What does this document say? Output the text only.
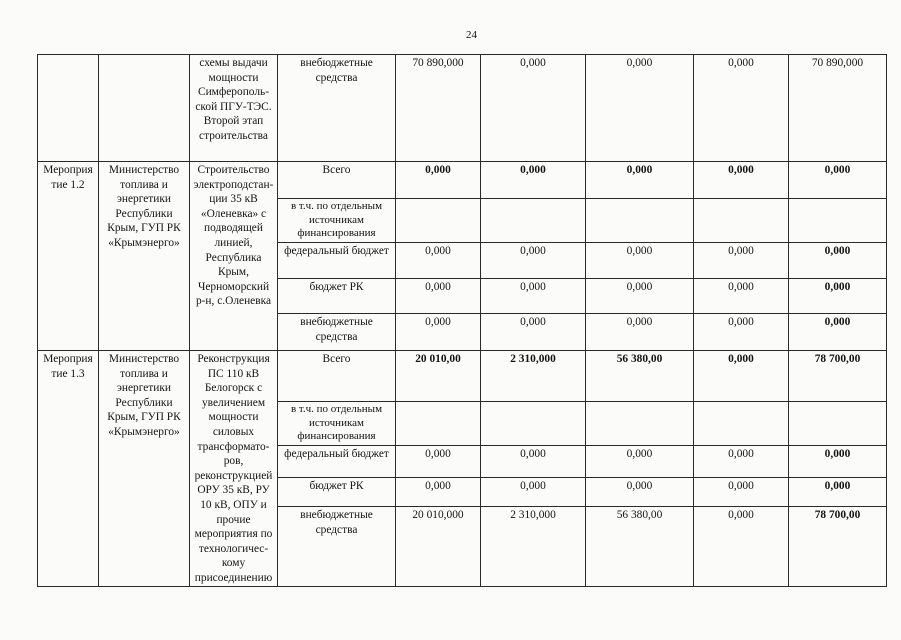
24
		схемы выдачи мощности Симферополь-ской ПГУ-ТЭС. Второй этап строительства	внебюджетные средства	70 890,000	0,000	0,000	0,000	70 890,000
Мероприя тие 1.2	Министерство топлива и энергетики Республики Крым, ГУП РК «Крымэнерго»	Строительство электроподстан-ции 35 кВ «Оленевка» с подводящей линией, Республика Крым, Черноморский р-н, с.Оленевка	Всего	0,000	0,000	0,000	0,000	0,000
			в т.ч. по отдельным источникам финансирования					
			федеральный бюджет	0,000	0,000	0,000	0,000	0,000
			бюджет РК	0,000	0,000	0,000	0,000	0,000
			внебюджетные средства	0,000	0,000	0,000	0,000	0,000
Мероприя тие 1.3	Министерство топлива и энергетики Республики Крым, ГУП РК «Крымэнерго»	Реконструкция ПС 110 кВ Белогорск с увеличением мощности силовых трансформато-ров, реконструкцией ОРУ 35 кВ, РУ 10 кВ, ОПУ и прочие мероприятия по технологичес-кому присоединению	Всего	20 010,00	2 310,000	56 380,00	0,000	78 700,00
			в т.ч. по отдельным источникам финансирования					
			федеральный бюджет	0,000	0,000	0,000	0,000	0,000
			бюджет РК	0,000	0,000	0,000	0,000	0,000
			внебюджетные средства	20 010,000	2 310,000	56 380,00	0,000	78 700,00
